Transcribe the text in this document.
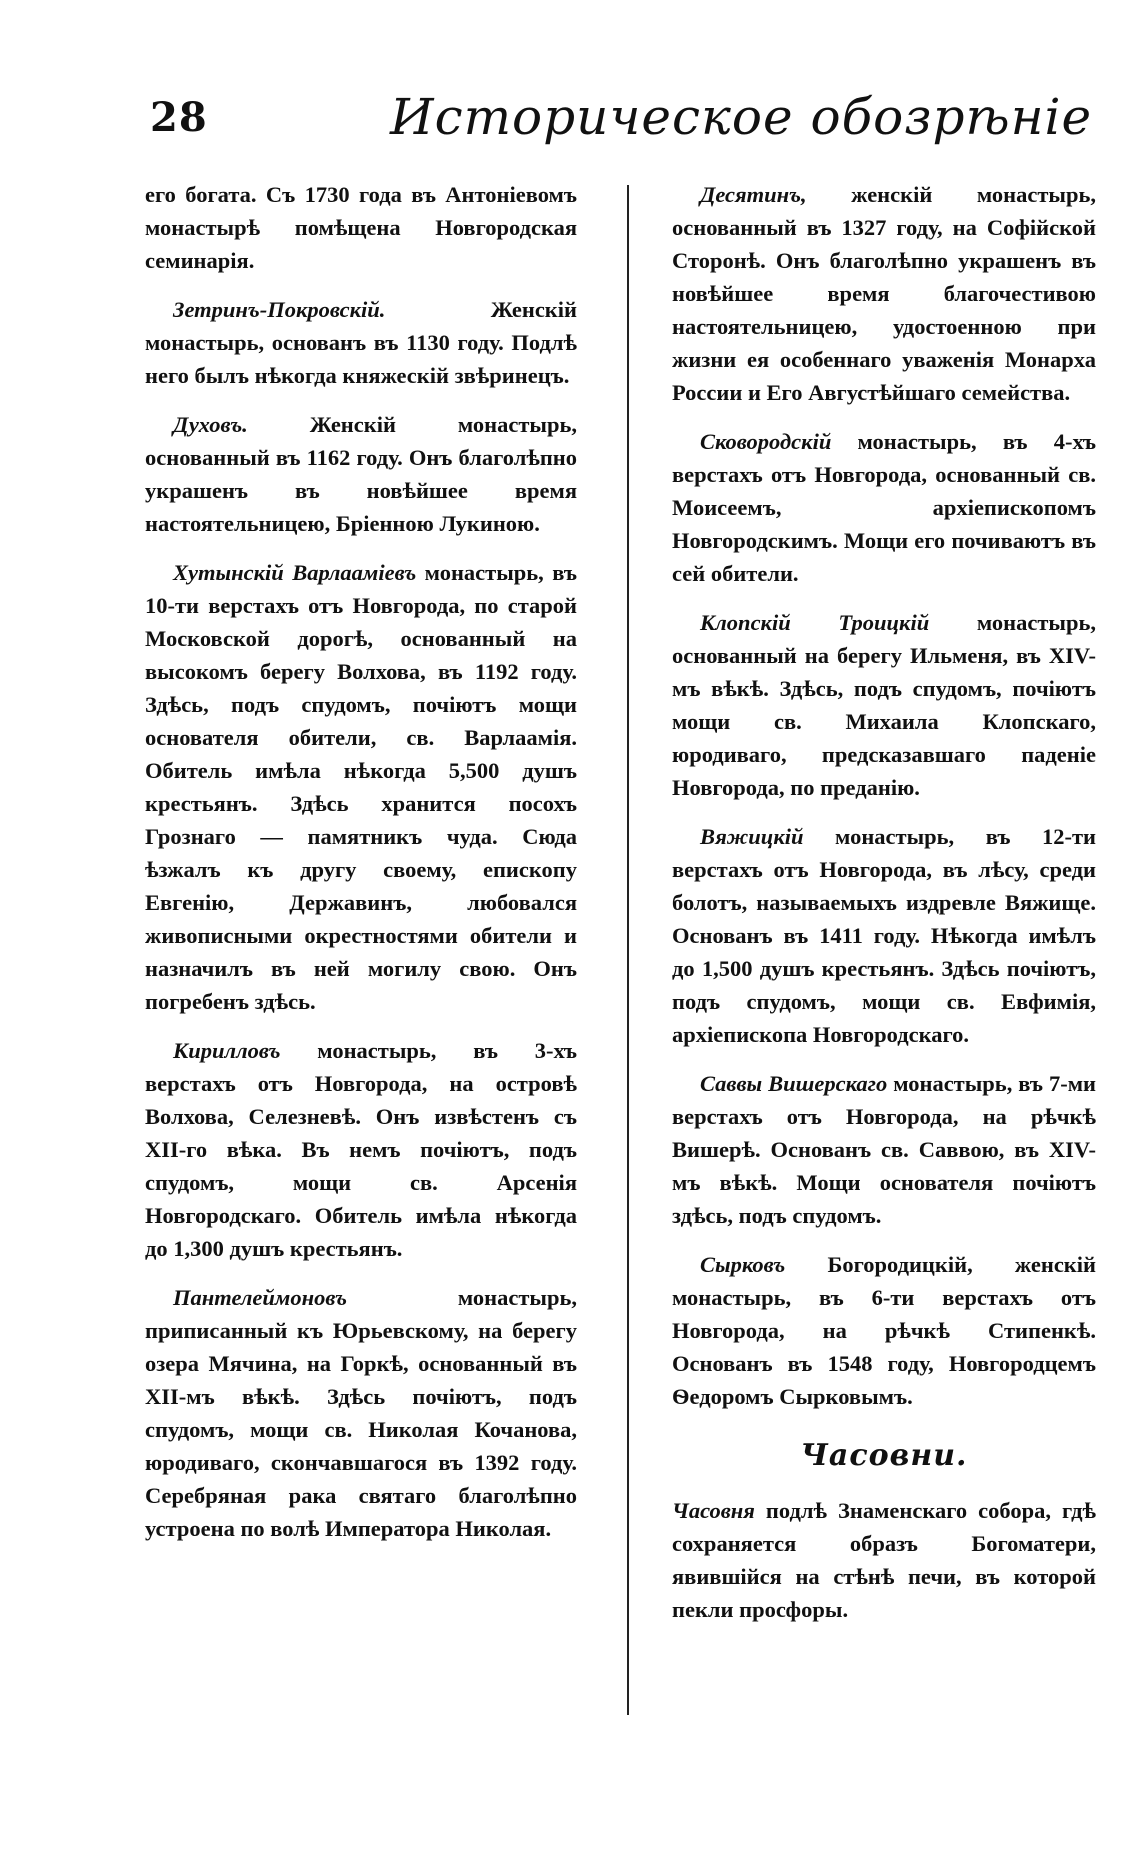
28	Историческое обозрѣніе

его богата. Съ 1730 года въ Антоніевомъ монастырѣ помѣщена Новгородская семинарія.

Зетринъ-Покровскій. Женскій монастырь, основанъ въ 1130 году. Подлѣ него былъ нѣкогда княжескій звѣринецъ.

Духовъ. Женскій монастырь, основанный въ 1162 году. Онъ благолѣпно украшенъ въ новѣйшее время настоятельницею, Бріенною Лукиною.

Хутынскій Варлаамiевъ монастырь, въ 10-ти верстахъ отъ Новгорода, по старой Московской дорогѣ, основанный на высокомъ берегу Волхова, въ 1192 году. Здѣсь, подъ спудомъ, почіютъ мощи основателя обители, св. Варлаамія. Обитель имѣла нѣкогда 5,500 душъ крестьянъ. Здѣсь хранится посохъ Грознаго — памятникъ чуда. Сюда ѣзжалъ къ другу своему, епископу Евгенію, Державинъ, любовался живописными окрестностями обители и назначилъ въ ней могилу свою. Онъ погребенъ здѣсь.

Кирилловъ монастырь, въ 3-хъ верстахъ отъ Новгорода, на островѣ Волхова, Селезневѣ. Онъ извѣстенъ съ XII-го вѣка. Въ немъ почіютъ, подъ спудомъ, мощи св. Арсенія Новгородскаго. Обитель имѣла нѣкогда до 1,300 душъ крестьянъ.

Пантелеймоновъ монастырь, приписанный къ Юрьевскому, на берегу озера Мячина, на Горкѣ, основанный въ XII-мъ вѣкѣ. Здѣсь почіютъ, подъ спудомъ, мощи св. Николая Кочанова, юродиваго, скончавшагося въ 1392 году. Серебряная рака святаго благолѣпно устроена по волѣ Императора Николая.

Десятинъ, женскій монастырь, основанный въ 1327 году, на Софійской Сторонѣ. Онъ благолѣпно украшенъ въ новѣйшее время благочестивою настоятельницею, удостоенною при жизни ея особеннаго уваженія Монарха России и Его Августѣйшаго семейства.

Сковородскій монастырь, въ 4-хъ верстахъ отъ Новгорода, основанный св. Моисеемъ, архіепископомъ Новгородскимъ. Мощи его почиваютъ въ сей обители.

Клопскій Троицкій монастырь, основанный на берегу Ильменя, въ XIV-мъ вѣкѣ. Здѣсь, подъ спудомъ, почіютъ мощи св. Михаила Клопскаго, юродиваго, предсказавшаго паденіе Новгорода, по преданію.

Вяжицкій монастырь, въ 12-ти верстахъ отъ Новгорода, въ лѣсу, среди болотъ, называемыхъ издревле Вяжище. Основанъ въ 1411 году. Нѣкогда имѣлъ до 1,500 душъ крестьянъ. Здѣсь почіютъ, подъ спудомъ, мощи св. Евфимія, архіепископа Новгородскаго.

Саввы Вишерскаго монастырь, въ 7-ми верстахъ отъ Новгорода, на рѣчкѣ Вишерѣ. Основанъ св. Саввою, въ XIV-мъ вѣкѣ. Мощи основателя почіютъ здѣсь, подъ спудомъ.

Сырковъ Богородицкій, женскій монастырь, въ 6-ти верстахъ отъ Новгорода, на рѣчкѣ Стипенкѣ. Основанъ въ 1548 году, Новгородцемъ Ѳедоромъ Сырковымъ.

Часовни.

Часовня подлѣ Знаменскаго собора, гдѣ сохраняется образъ Богоматери, явившійся на стѣнѣ печи, въ которой пекли просфоры.
